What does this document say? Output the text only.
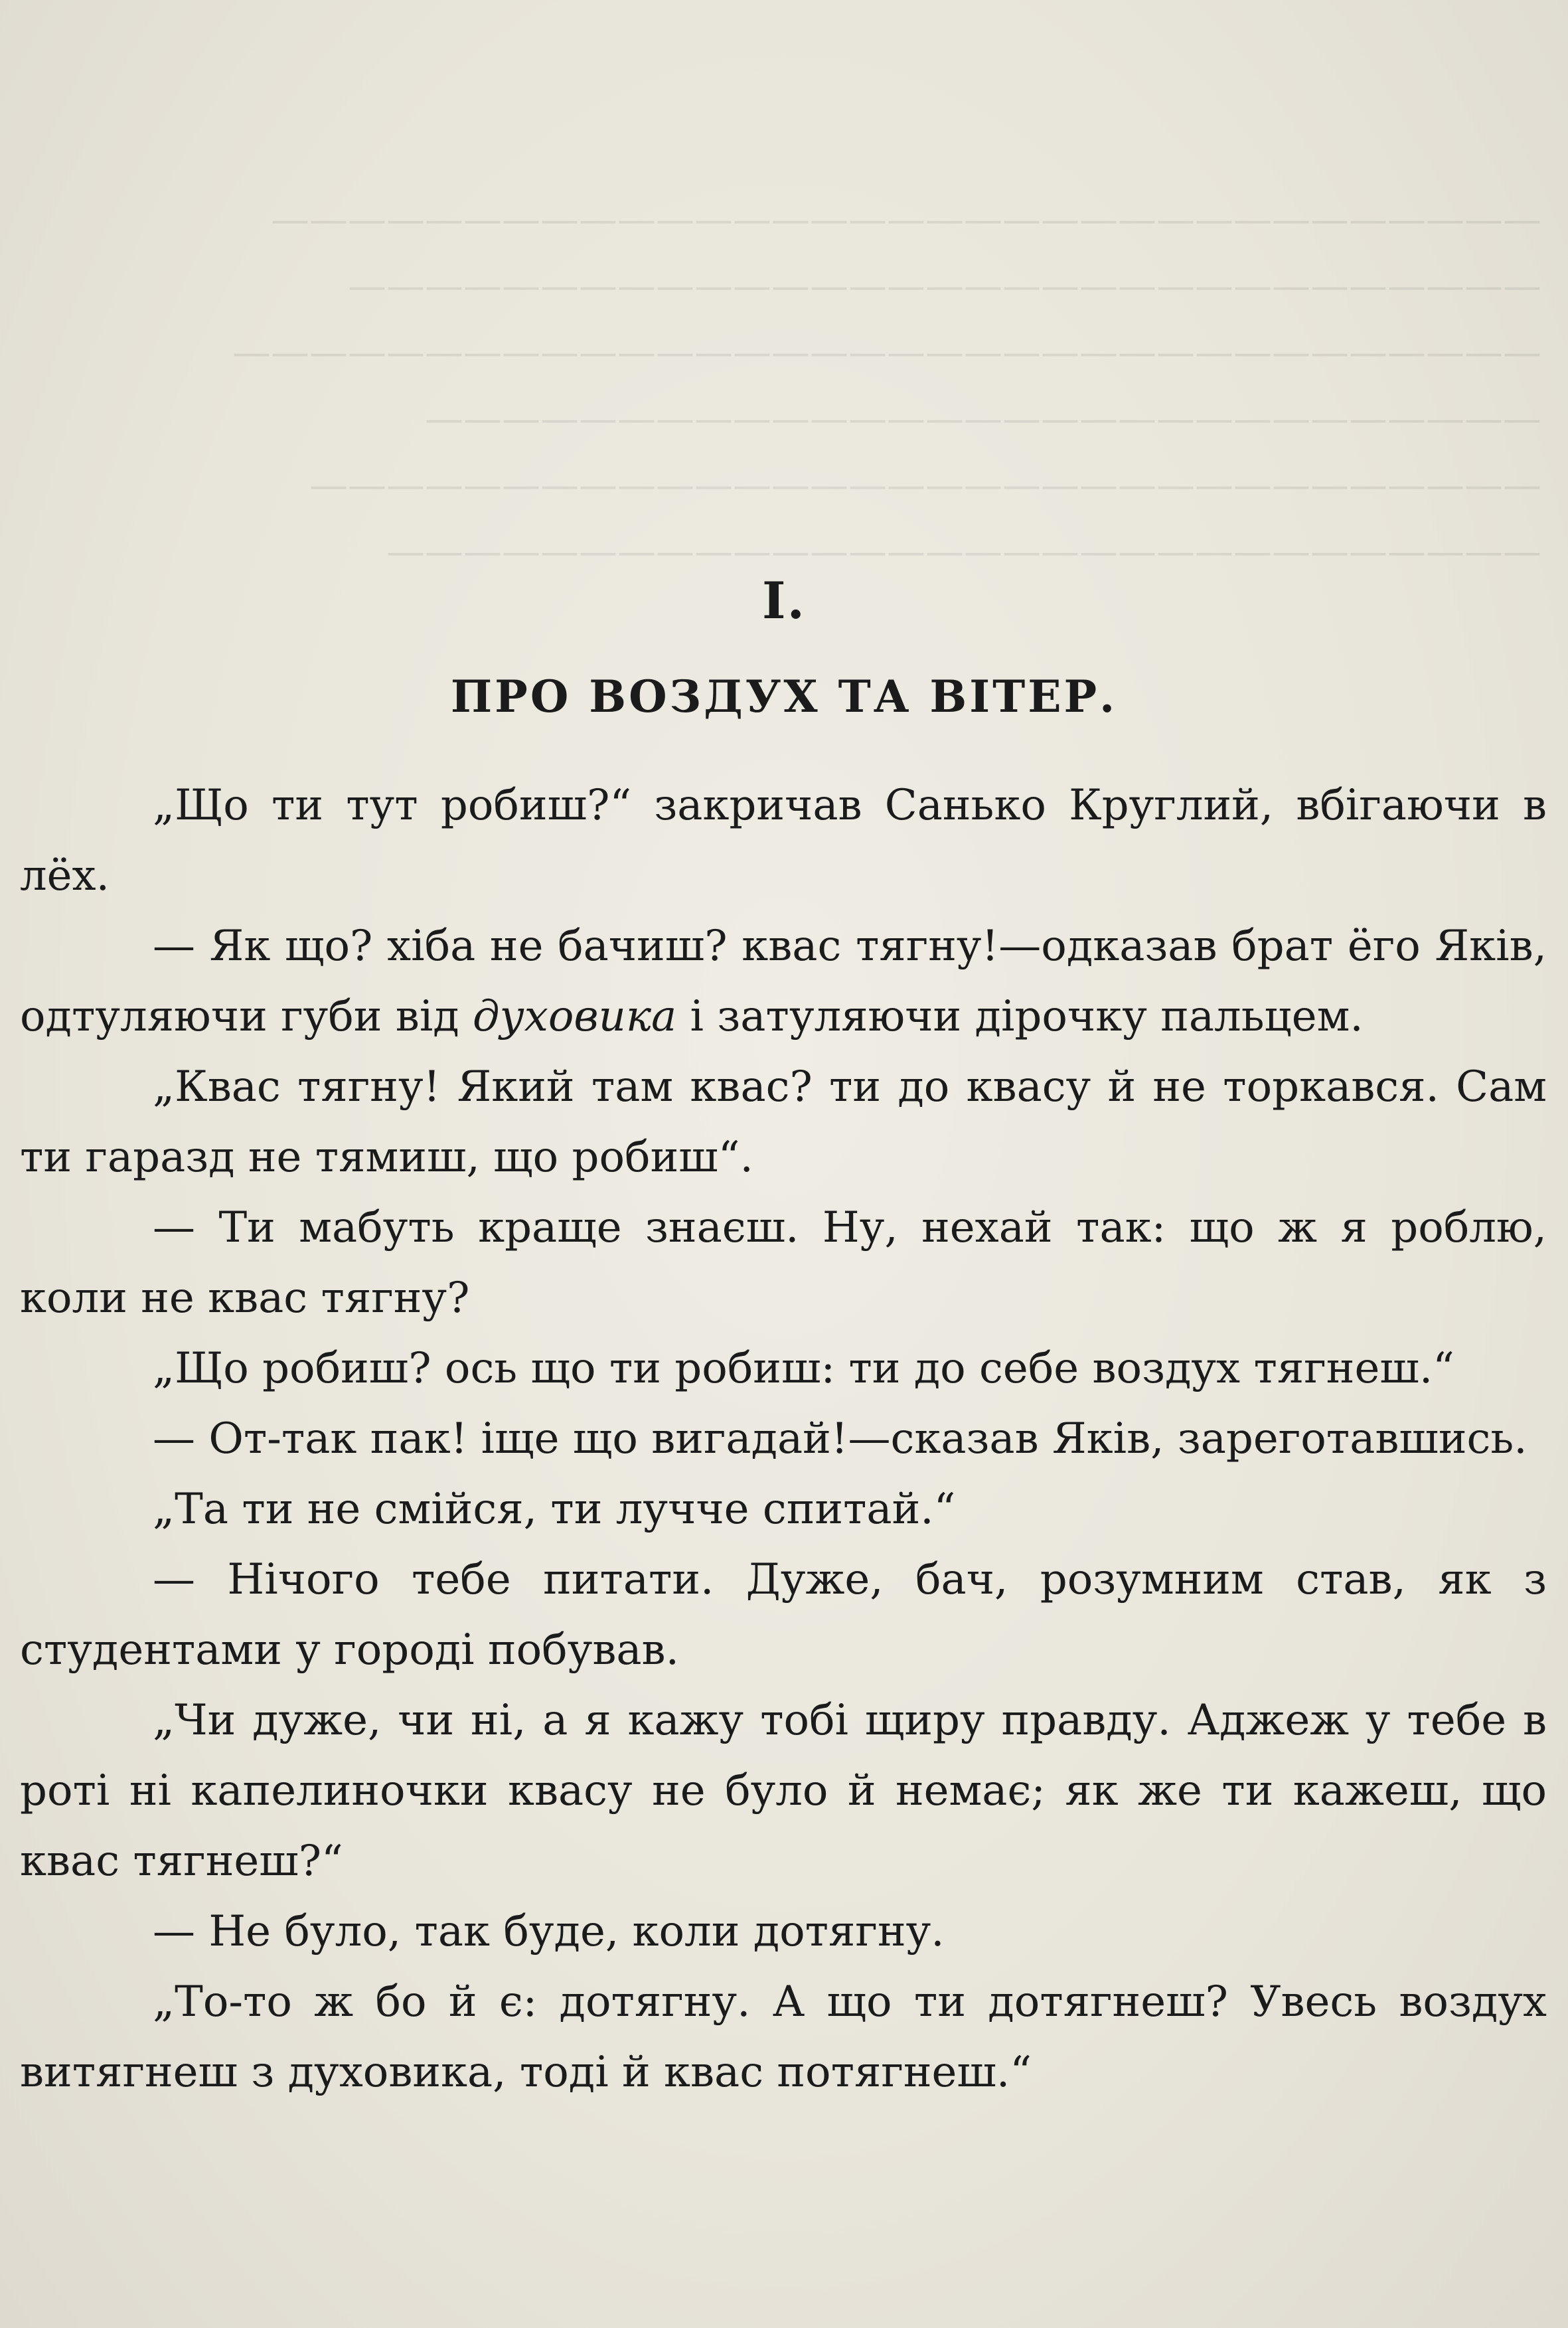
—————————————————————————————————
———————————————————————————————
——————————————————————————————————
—————————————————————————————
————————————————————————————————
——————————————————————————————
I.
ПРО ВОЗДУХ ТА ВІТЕР.

„Що ти тут робиш?“ закричав Санько Круглий, вбігаючи в лёх.

— Як що? хіба не бачиш? квас тягну!—одказав брат ёго Яків, одтуляючи губи від духовика і затуляючи дірочку пальцем.

„Квас тягну! Який там квас? ти до квасу й не торкався. Сам ти гаразд не тямиш, що робиш“.

— Ти мабуть краще знаєш. Ну, нехай так: що ж я роблю, коли не квас тягну?

„Що робиш? ось що ти робиш: ти до себе воздух тягнеш.“

— От-так пак! іще що вигадай!—сказав Яків, зареготавшись.

„Та ти не смійся, ти лучче спитай.“

— Нічого тебе питати. Дуже, бач, розумним став, як з студентами у городі побував.

„Чи дуже, чи ні, а я кажу тобі щиру правду. Аджеж у тебе в роті ні капелиночки квасу не було й немає; як же ти кажеш, що квас тягнеш?“

— Не було, так буде, коли дотягну.

„То-то ж бо й є: дотягну. А що ти дотягнеш? Увесь воздух витягнеш з духовика, тоді й квас потягнеш.“
